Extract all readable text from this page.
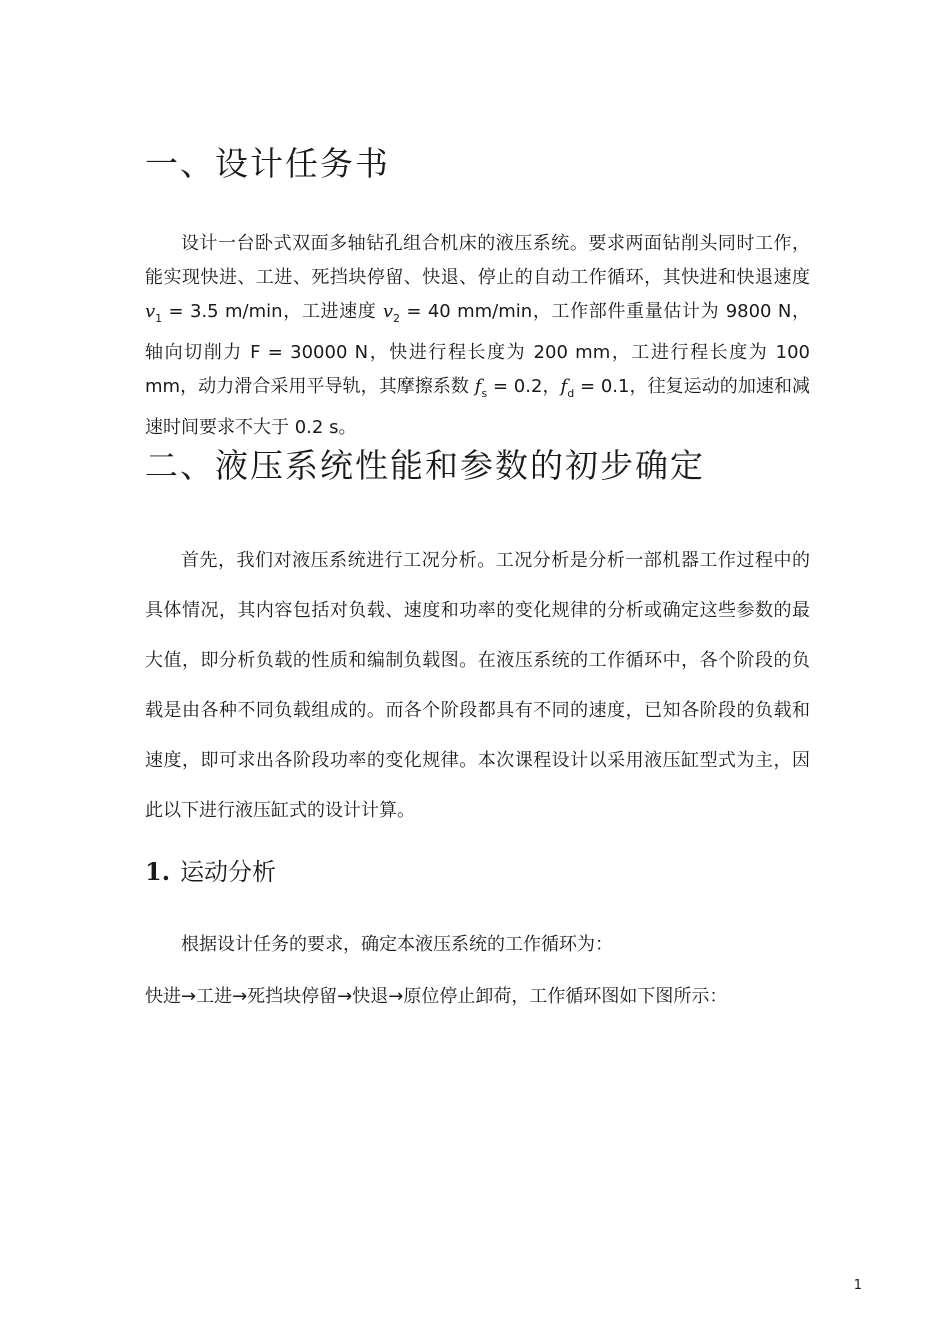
一、设计任务书

设计一台卧式双面多轴钻孔组合机床的液压系统。要求两面钻削头同时工作，能实现快进、工进、死挡块停留、快退、停止的自动工作循环，其快进和快退速度 $v_1 = 3.5$ m/min，工进速度 $v_2 = 40$ mm/min，工作部件重量估计为 9800 N，轴向切削力 F = 30000 N，快进行程长度为 200 mm，工进行程长度为 100 mm，动力滑合采用平导轨，其摩擦系数 $f_s = 0.2$，$f_d = 0.1$，往复运动的加速和减速时间要求不大于 0.2 s。

二、液压系统性能和参数的初步确定

首先，我们对液压系统进行工况分析。工况分析是分析一部机器工作过程中的具体情况，其内容包括对负载、速度和功率的变化规律的分析或确定这些参数的最大值，即分析负载的性质和编制负载图。在液压系统的工作循环中，各个阶段的负载是由各种不同负载组成的。而各个阶段都具有不同的速度，已知各阶段的负载和速度，即可求出各阶段功率的变化规律。本次课程设计以采用液压缸型式为主，因此以下进行液压缸式的设计计算。

1. 运动分析

根据设计任务的要求，确定本液压系统的工作循环为：

快进→工进→死挡块停留→快退→原位停止卸荷，工作循环图如下图所示：

1
